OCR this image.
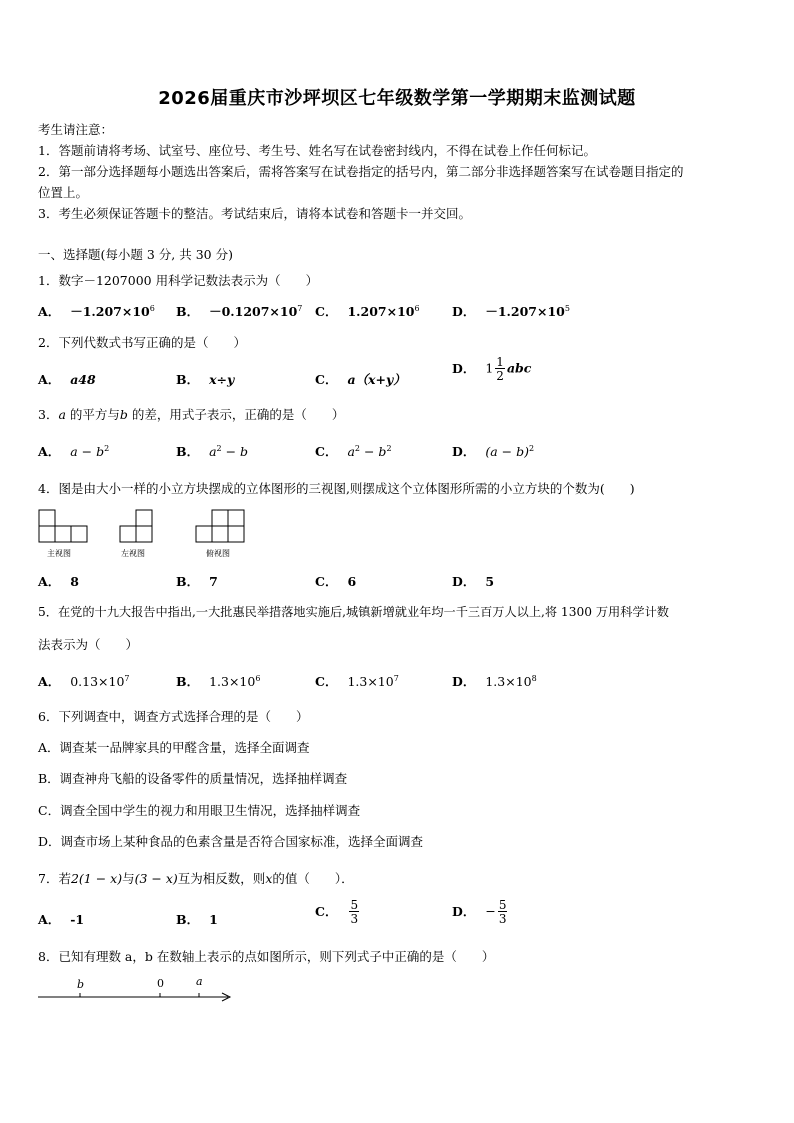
2026届重庆市沙坪坝区七年级数学第一学期期末监测试题
考生请注意：
1．答题前请将考场、试室号、座位号、考生号、姓名写在试卷密封线内，不得在试卷上作任何标记。
2．第一部分选择题每小题选出答案后，需将答案写在试卷指定的括号内，第二部分非选择题答案写在试卷题目指定的
位置上。
3．考生必须保证答题卡的整洁。考试结束后，请将本试卷和答题卡一并交回。
一、选择题(每小题 3 分, 共 30 分)
1．数字－1207000 用科学记数法表示为（　　）
A． $-1.207\times 10^6$ B． $-0.1207\times 10^7$ C． $1.207\times 10^6$	D． $-1.207\times 10^5$
2．下列代数式书写正确的是（　　）
A． a48	B． x÷y	C． a（x+y）
D． $1 \frac{1}{2}$ abc
3．a 的平方与b 的差，用式子表示，正确的是（　　）
A． $a - b^2$	B． $a^2 - b$	C． $a^2 - b^2$	D． $(a - b)^2$
4．图是由大小一样的小立方块摆成的立体图形的三视图,则摆成这个立体图形所需的小立方块的个数为(　　)
主视图	左视图	俯视图
A． 8	B． 7	C． 6	D． 5
5．在党的十九大报告中指出,一大批惠民举措落地实施后,城镇新增就业年均一千三百万人以上,将 1300 万用科学计数
法表示为（　　）
A． $0.13\times 10^7$	B． $1.3\times 10^6$	C． $1.3\times 10^7$	D． $1.3\times 10^8$
6．下列调查中，调查方式选择合理的是（　　）
A．调查某一品牌家具的甲醛含量，选择全面调查
B．调查神舟飞船的设备零件的质量情况，选择抽样调查
C．调查全国中学生的视力和用眼卫生情况，选择抽样调查
D．调查市场上某种食品的色素含量是否符合国家标准，选择全面调查
7．若2(1 − x)与(3 − x)互为相反数，则x的值（　　）．
A． -1	B． 1
C． $\frac{5}{3}$	D． − $\frac{5}{3}$
8．已知有理数 a，b 在数轴上表示的点如图所示，则下列式子中正确的是（　　）
b	0	a
